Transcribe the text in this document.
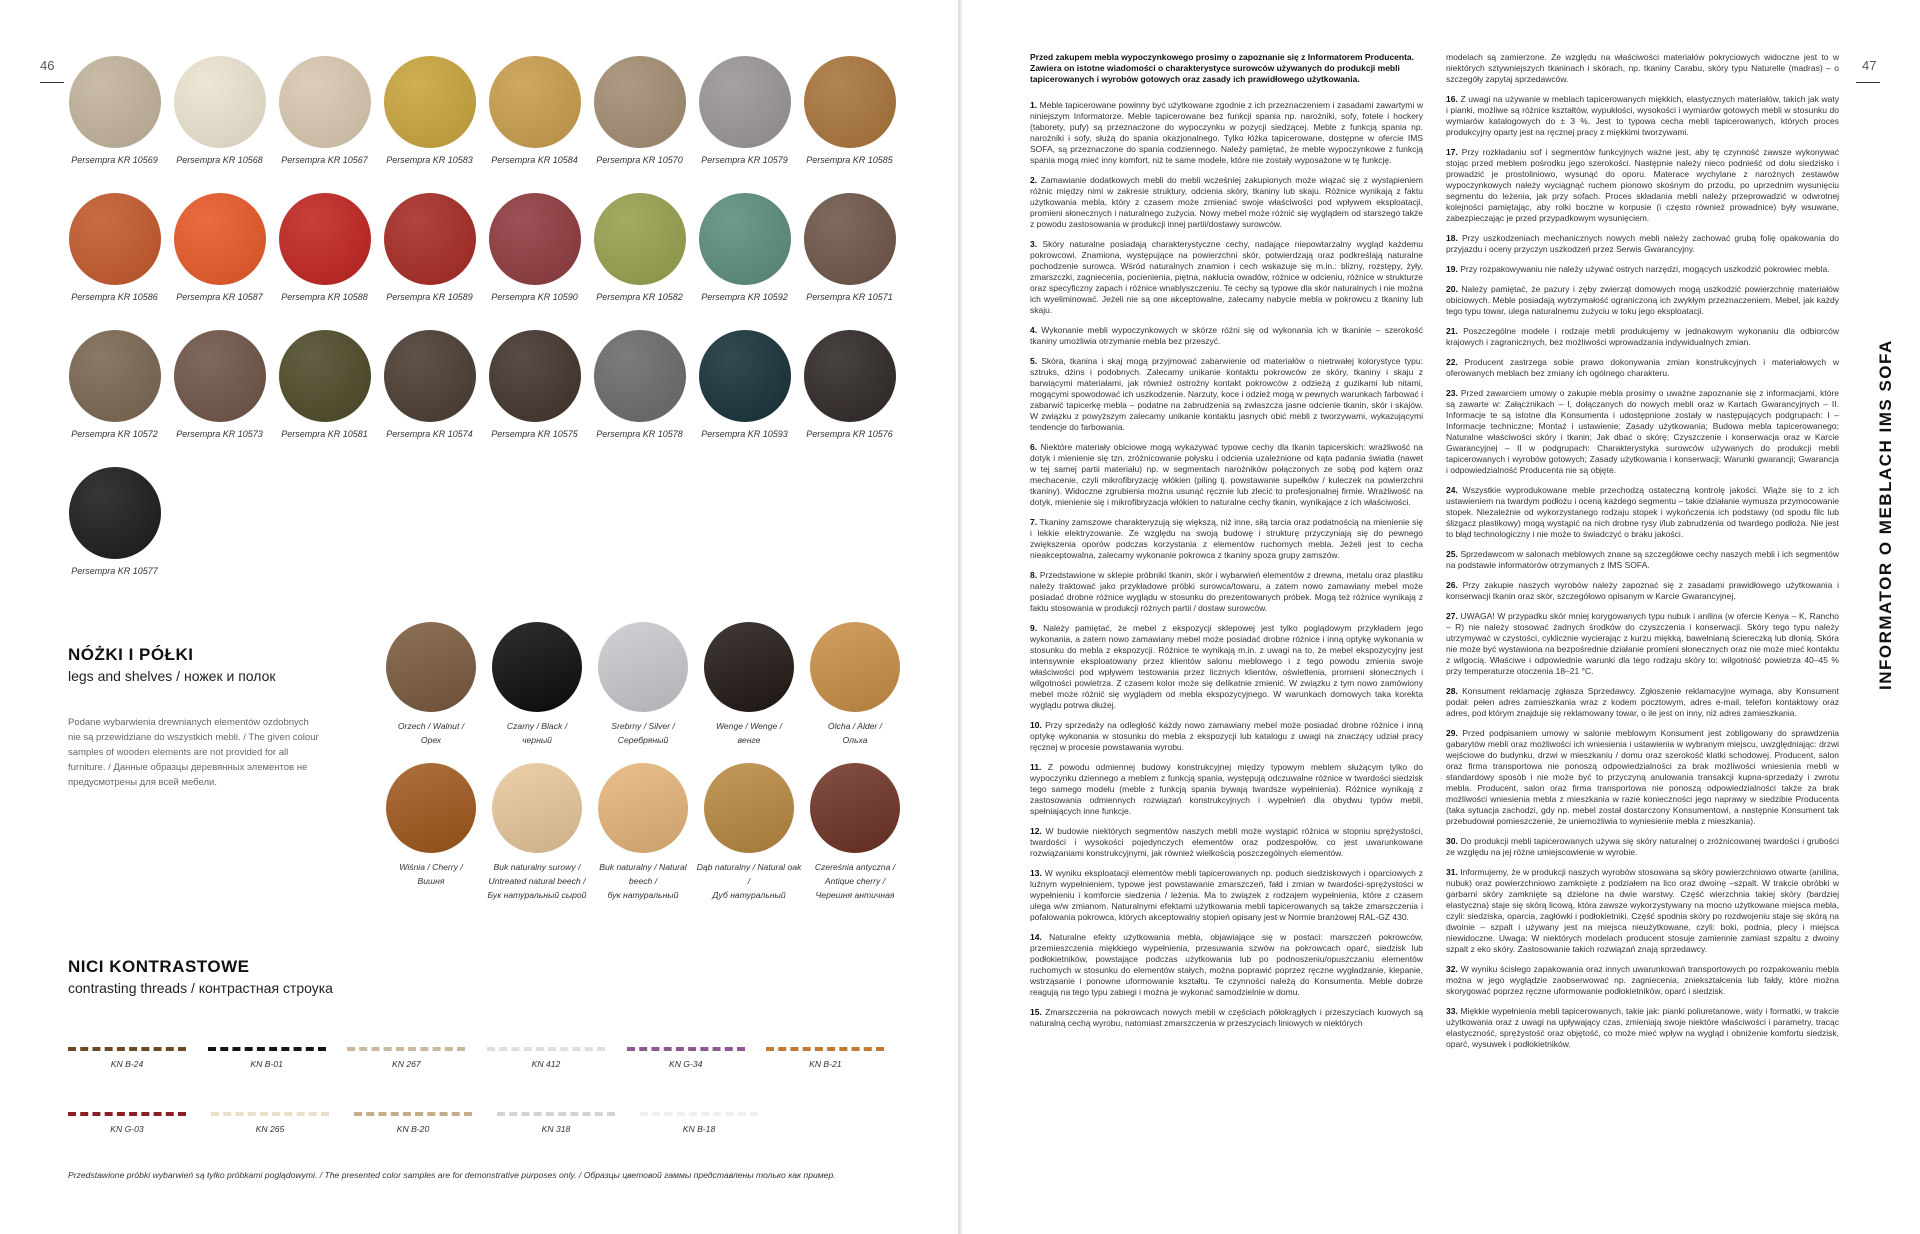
46
Persempra KR 10569	Persempra KR 10568	Persempra KR 10567	Persempra KR 10583	Persempra KR 10584	Persempra KR 10570	Persempra KR 10579	Persempra KR 10585
Persempra KR 10586	Persempra KR 10587	Persempra KR 10588	Persempra KR 10589	Persempra KR 10590	Persempra KR 10582	Persempra KR 10592	Persempra KR 10571
Persempra KR 10572	Persempra KR 10573	Persempra KR 10581	Persempra KR 10574	Persempra KR 10575	Persempra KR 10578	Persempra KR 10593	Persempra KR 10576
Persempra KR 10577
NÓŻKI I PÓŁKI
legs and shelves / ножек и полок
Podane wybarwienia drewnianych elementów ozdobnych nie są przewidziane do wszystkich mebli. / The given colour samples of wooden elements are not provided for all furniture. / Данные образцы деревянных элементов не предусмотрены для всей мебели.
Orzech / Walnut /
Орех
Czarny / Black /
черный
Srebrny / Silver /
Серебряный
Wenge / Wenge /
венге
Olcha / Alder /
Ольха
Wiśnia / Cherry /
Вишня
Buk naturalny surowy / Untreated natural beech /
Бук натуральный сырой
Buk naturalny / Natural beech /
бук натуральный
Dąb naturalny / Natural oak /
Дуб натуральный
Czereśnia antyczna / Antique cherry /
Черешня античная
NICI KONTRASTOWE
contrasting threads / контрастная строука
KN B-24	KN B-01	KN 267	KN 412	KN G-34	KN B-21
KN G-03	KN 265	KN B-20	KN 318	KN B-18
Przedstawione próbki wybarwień są tylko próbkami poglądowymi. / The presented color samples are for demonstrative purposes only. / Образцы цветовой гаммы представлены только как пример.
47
Przed zakupem mebla wypoczynkowego prosimy o zapoznanie się z Informatorem Producenta. Zawiera on istotne wiadomości o charakterystyce surowców używanych do produkcji mebli tapicerowanych i wyrobów gotowych oraz zasady ich prawidłowego użytkowania.

1. Meble tapicerowane powinny być użytkowane zgodnie z ich przeznaczeniem i zasadami zawartymi w niniejszym Informatorze. Meble tapicerowane bez funkcji spania np. narożniki, sofy, fotele i hockery (taborety, pufy) są przeznaczone do wypoczynku w pozycji siedzącej. Meble z funkcją spania np. narożniki i sofy, służą do spania okazjonalnego. Tylko łóżka tapicerowane, dostępne w ofercie IMS SOFA, są przeznaczone do spania codziennego. Należy pamiętać, że meble wypoczynkowe z funkcją spania mogą mieć inny komfort, niż te same modele, które nie zostały wyposażone w tę funkcję.

2. Zamawianie dodatkowych mebli do mebli wcześniej zakupionych może wiązać się z wystąpieniem różnic między nimi w zakresie struktury, odcienia skóry, tkaniny lub skaju. Różnice wynikają z faktu użytkowania mebla, który z czasem może zmieniać swoje właściwości pod wpływem eksploatacji, promieni słonecznych i naturalnego zużycia. Nowy mebel może różnić się wyglądem od starszego także z powodu zastosowania w produkcji innej partii/dostawy surowców.

3. Skóry naturalne posiadają charakterystyczne cechy, nadające niepowtarzalny wygląd każdemu pokrowcowi. Znamiona, występujące na powierzchni skór, potwierdzają oraz podkreślają naturalne pochodzenie surowca. Wśród naturalnych znamion i cech wskazuje się m.in.: blizny, rozstępy, żyły, zmarszczki, zagniecenia, pocienienia, piętna, nakłucia owadów, różnice w odcieniu, różnice w strukturze oraz specyficzny zapach i różnice wnablyszczeniu. Te cechy są typowe dla skór naturalnych i nie można ich wyeliminować. Jeżeli nie są one akceptowalne, zalecamy nabycie mebla w pokrowcu z tkaniny lub skaju.

4. Wykonanie mebli wypoczynkowych w skórze różni się od wykonania ich w tkaninie – szerokość tkaniny umożliwia otrzymanie mebla bez przeszyć.

5. Skóra, tkanina i skaj mogą przyjmować zabarwienie od materiałów o nietrwałej kolorystyce typu: sztruks, dżins i podobnych. Zalecamy unikanie kontaktu pokrowców ze skóry, tkaniny i skaju z barwiącymi materiałami, jak również ostrożny kontakt pokrowców z odzieżą z guzikami lub nitami, mogącymi spowodować ich uszkodzenie. Narzuty, koce i odzież mogą w pewnych warunkach farbować i zabarwić tapicerkę mebla – podatne na zabrudzenia są zwłaszcza jasne odcienie tkanin, skór i skajów. W związku z powyższym zalecamy unikanie kontaktu jasnych obić mebli z tworzywami, wykazującymi tendencje do farbowania.

6. Niektóre materiały obiciowe mogą wykazywać typowe cechy dla tkanin tapicerskich: wrażliwość na dotyk i mienienie się tzn. zróżnicowanie połysku i odcienia uzależnione od kąta padania światła (nawet w tej samej partii materiału) np. w segmentach narożników połączonych ze sobą pod kątem oraz mechacenie, czyli mikrofibryzację włókien (piling tj. powstawanie supełków / kuleczek na powierzchni tkaniny). Widoczne zgrubienia można usunąć ręcznie lub zlecić to profesjonalnej firmie. Wrażliwość na dotyk, mienienie się i mikrofibryzacja włókien to naturalne cechy tkanin, wynikające z ich właściwości.

7. Tkaniny zamszowe charakteryzują się większą, niż inne, siłą tarcia oraz podatnością na mienienie się i lekkie elektryzowanie. Ze względu na swoją budowę i strukturę przyczyniają się do pewnego zwiększenia oporów podczas korzystania z elementów ruchomych mebla. Jeżeli jest to cecha nieakceptowalna, zalecamy wykonanie pokrowca z tkaniny spoza grupy zamszów.

8. Przedstawione w sklepie próbniki tkanin, skór i wybarwień elementów z drewna, metalu oraz plastiku należy traktować jako przykładowe próbki surowca/towaru, a zatem nowo zamawiany mebel może posiadać drobne różnice wyglądu w stosunku do prezentowanych próbek. Mogą też różnice wynikają z faktu stosowania w produkcji różnych partii / dostaw surowców.

9. Należy pamiętać, że mebel z ekspozycji sklepowej jest tylko poglądowym przykładem jego wykonania, a zatem nowo zamawiany mebel może posiadać drobne różnice i inną optykę wykonania w stosunku do mebla z ekspozycji. Różnice te wynikają m.in. z uwagi na to, że mebel ekspozycyjny jest intensywnie eksploatowany przez klientów salonu meblowego i z tego powodu zmienia swoje właściwości pod wpływem testowania przez licznych klientów, oświetlenia, promieni słonecznych i wilgotności powietrza. Z czasem kolor może się delikatnie zmienić. W związku z tym nowo zamówiony mebel może różnić się wyglądem od mebla ekspozycyjnego. W warunkach domowych taka korekta wyglądu potrwa dłużej.

10. Przy sprzedaży na odległość każdy nowo zamawiany mebel może posiadać drobne różnice i inną optykę wykonania w stosunku do mebla z ekspozycji lub katalogu z uwagi na znaczący udział pracy ręcznej w procesie powstawania wyrobu.

11. Z powodu odmiennej budowy konstrukcyjnej między typowym meblem służącym tylko do wypoczynku dziennego a meblem z funkcją spania, występują odczuwalne różnice w twardości siedzisk tego samego modelu (meble z funkcją spania bywają twardsze wypełnienia). Różnice wynikają z zastosowania odmiennych rozwiązań konstrukcyjnych i wypełnień dla obydwu typów mebli, spełniających inne funkcje.

12. W budowie niektórych segmentów naszych mebli może wystąpić różnica w stopniu sprężystości, twardości i wysokości pojedynczych elementów oraz podzespołów, co jest uwarunkowane rozwiązaniami konstrukcyjnymi, jak również wielkością poszczególnych elementów.

13. W wyniku eksploatacji elementów mebli tapicerowanych np. poduch siedziskowych i oparciowych z luźnym wypełnieniem, typowe jest powstawanie zmarszczeń, fałd i zmian w twardości-sprężystości w wypełnieniu i komforcie siedzenia / leżenia. Ma to związek z rodzajem wypełnienia, które z czasem ulega w/w zmianom. Naturalnymi efektami użytkowania mebli tapicerowanych są także zmarszczenia i pofalowania pokrowca, których akceptowalny stopień opisany jest w Normie branżowej RAL-GZ 430.

14. Naturalne efekty użytkowania mebla, objawiające się w postaci: marszczeń pokrowców, przemieszczenia miękkiego wypełnienia, przesuwania szwów na pokrowcach oparć, siedzisk lub podłokietników, powstające podczas użytkowania lub po podnoszeniu/opuszczaniu elementów ruchomych w stosunku do elementów stałych, można poprawić poprzez ręczne wygładzanie, klepanie, wstrząsanie i ponowne uformowanie kształtu. Te czynności należą do Konsumenta. Meble dobrze reagują na tego typu zabiegi i można je wykonać samodzielnie w domu.

15. Zmarszczenia na pokrowcach nowych mebli w częściach półokrągłych i przeszyciach kuowych są naturalną cechą wyrobu, natomiast zmarszczenia w przeszyciach liniowych w niektórych

modelach są zamierzone. Ze względu na właściwości materiałów pokryciowych widoczne jest to w niektórych sztywniejszych tkaninach i skórach, np. tkaniny Carabu, skóry typu Naturelle (madras) – o szczegóły zapytaj sprzedawców.

16. Z uwagi na używanie w meblach tapicerowanych miękkich, elastycznych materiałów, takich jak waty i pianki, możliwe są różnice kształtów, wypukłości, wysokości i wymiarów gotowych mebli w stosunku do wymiarów katalogowych do ± 3 %. Jest to typowa cecha mebli tapicerowanych, których proces produkcyjny oparty jest na ręcznej pracy z miękkimi tworzywami.

17. Przy rozkładaniu sof i segmentów funkcyjnych ważne jest, aby tę czynność zawsze wykonywać stojąc przed meblem pośrodku jego szerokości. Następnie należy nieco podnieść od dołu siedzisko i prowadzić je prostoliniowo, wysunąć do oporu. Materace wychylane z narożnych zestawów wypoczynkowych należy wyciągnąć ruchem pionowo skośnym do przodu, po uprzednim wysunięciu segmentu do leżenia, jak przy sofach. Proces składania mebli należy przeprowadzić w odwrotnej kolejności pamiętając, aby rolki boczne w korpusie (i często również prowadnice) były wsuwane, zabezpieczając je przed przypadkowym wysunięciem.

18. Przy uszkodzeniach mechanicznych nowych mebli należy zachować grubą folię opakowania do przyjazdu i oceny przyczyn uszkodzeń przez Serwis Gwarancyjny.

19. Przy rozpakowywaniu nie należy używać ostrych narzędzi, mogących uszkodzić pokrowiec mebla.

20. Należy pamiętać, że pazury i zęby zwierząt domowych mogą uszkodzić powierzchnię materiałów obiciowych. Meble posiadają wytrzymałość ograniczoną ich zwykłym przeznaczeniem. Mebel, jak każdy tego typu towar, ulega naturalnemu zużyciu w toku jego eksploatacji.

21. Poszczególne modele i rodzaje mebli produkujemy w jednakowym wykonaniu dla odbiorców krajowych i zagranicznych, bez możliwości wprowadzania indywidualnych zmian.

22. Producent zastrzega sobie prawo dokonywania zmian konstrukcyjnych i materiałowych w oferowanych meblach bez zmiany ich ogólnego charakteru.

23. Przed zawarciem umowy o zakupie mebla prosimy o uważne zapoznanie się z informacjami, które są zawarte w: Załącznikach – I, dołączanych do nowych mebli oraz w Kartach Gwarancyjnych – II. Informacje te są istotne dla Konsumenta i udostępnione zostały w następujących podgrupach: I – Informacje techniczne; Montaż i ustawienie; Zasady użytkowania; Budowa mebla tapicerowanego; Naturalne właściwości skóry i tkanin; Jak dbać o skórę; Czyszczenie i konserwacja oraz w Karcie Gwarancyjnej – II w podgrupach: Charakterystyka surowców używanych do produkcji mebli tapicerowanych i wyrobów gotowych; Zasady użytkowania i konserwacji; Warunki gwarancji; Gwarancja i odpowiedzialność Producenta nie są objęte.

24. Wszystkie wyprodukowane meble przechodzą ostateczną kontrolę jakości. Wiąże się to z ich ustawieniem na twardym podłożu i oceną każdego segmentu – takie działanie wymusza przymocowanie stopek. Niezależnie od wykorzystanego rodzaju stopek i wykończenia ich podstawy (od spodu filc lub ślizgacz plastikowy) mogą wystąpić na nich drobne rysy i/lub zabrudzenia od twardego podłoża. Nie jest to błąd technologiczny i nie może to świadczyć o braku jakości.

25. Sprzedawcom w salonach meblowych znane są szczegółowe cechy naszych mebli i ich segmentów na podstawie informatorów otrzymanych z IMS SOFA.

26. Przy zakupie naszych wyrobów należy zapoznać się z zasadami prawidłowego użytkowania i konserwacji tkanin oraz skór, szczegółowo opisanym w Karcie Gwarancyjnej.

27. UWAGA! W przypadku skór mniej korygowanych typu nubuk i anilina (w ofercie Kenya – K, Rancho – R) nie należy stosować żadnych środków do czyszczenia i konserwacji. Skóry tego typu należy utrzymywać w czystości, cyklicznie wycierając z kurzu miękką, bawełnianą ściereczką lub dłonią. Skóra nie może być wystawiona na bezpośrednie działanie promieni słonecznych oraz nie może mieć kontaktu z wilgocią. Właściwe i odpowiednie warunki dla tego rodzaju skóry to: wilgotność powietrza 40–45 % przy temperaturze otoczenia 18–21 °C.

28. Konsument reklamację zgłasza Sprzedawcy. Zgłoszenie reklamacyjne wymaga, aby Konsument podał: pełen adres zamieszkania wraz z kodem pocztowym, adres e-mail, telefon kontaktowy oraz adres, pod którym znajduje się reklamowany towar, o ile jest on inny, niż adres zamieszkania.

29. Przed podpisaniem umowy w salonie meblowym Konsument jest zobligowany do sprawdzenia gabarytów mebli oraz możliwości ich wniesienia i ustawienia w wybranym miejscu, uwzględniając: drzwi wejściowe do budynku, drzwi w mieszkaniu / domu oraz szerokość klatki schodowej. Producent, salon oraz firma transportowa nie ponoszą odpowiedzialności za brak możliwości wniesienia mebli w standardowy sposób i nie może być to przyczyną anulowania transakcji kupna-sprzedaży i zwrotu mebla. Producent, salon oraz firma transportowa nie ponoszą odpowiedzialności także za brak możliwości wniesienia mebla z mieszkania w razie konieczności jego naprawy w siedzibie Producenta (taka sytuacja zachodzi, gdy np. mebel został dostarczony Konsumentowi, a następnie Konsument tak przebudował pomieszczenie, że uniemożliwia to wyniesienie mebla z mieszkania).

30. Do produkcji mebli tapicerowanych używa się skóry naturalnej o zróżnicowanej twardości i grubości ze względu na jej różne umiejscowienie w wyrobie.

31. Informujemy, że w produkcji naszych wyrobów stosowana są skóry powierzchniowo otwarte (anilina, nubuk) oraz powierzchniowo zamknięte z podziałem na lico oraz dwoinę –szpalt. W trakcie obróbki w garbarni skóry zamknięte są dzielone na dwie warstwy. Część wierzchnia takiej skóry (bardziej elastyczna) staje się skórą licową, która zawsze wykorzystywany na mocno użytkowane miejsca mebla, czyli: siedziska, oparcia, zagłówki i podłokietniki. Część spodnia skóry po rozdwojeniu staje się skórą na dwoinie – szpalt i używany jest na miejsca nieużytkowane, czyli: boki, podnia, plecy i miejsca niewidoczne. Uwaga: W niektórych modelach producent stosuje zamiennie zamiast szpaltu z dwoiny szpalt z eko skóry. Zastosowanie takich rozwiązań znają sprzedawcy.

32. W wyniku ścisłego zapakowania oraz innych uwarunkowań transportowych po rozpakowaniu mebla można w jego wyglądzie zaobserwować np. zagniecenia, zniekształcenia lub fałdy, które można skorygować poprzez ręczne uformowanie podłokietników, oparć i siedzisk.

33. Miękkie wypełnienia mebli tapicerowanych, takie jak: pianki poliuretanowe, waty i formatki, w trakcie użytkowania oraz z uwagi na upływający czas, zmieniają swoje niektóre właściwości i parametry, tracąc elastyczność, sprężystość oraz objętość, co może mieć wpływ na wygląd i obniżenie komfortu siedzisk, oparć, wysuwek i podłokietników.

INFORMATOR O MEBLACH IMS SOFA
